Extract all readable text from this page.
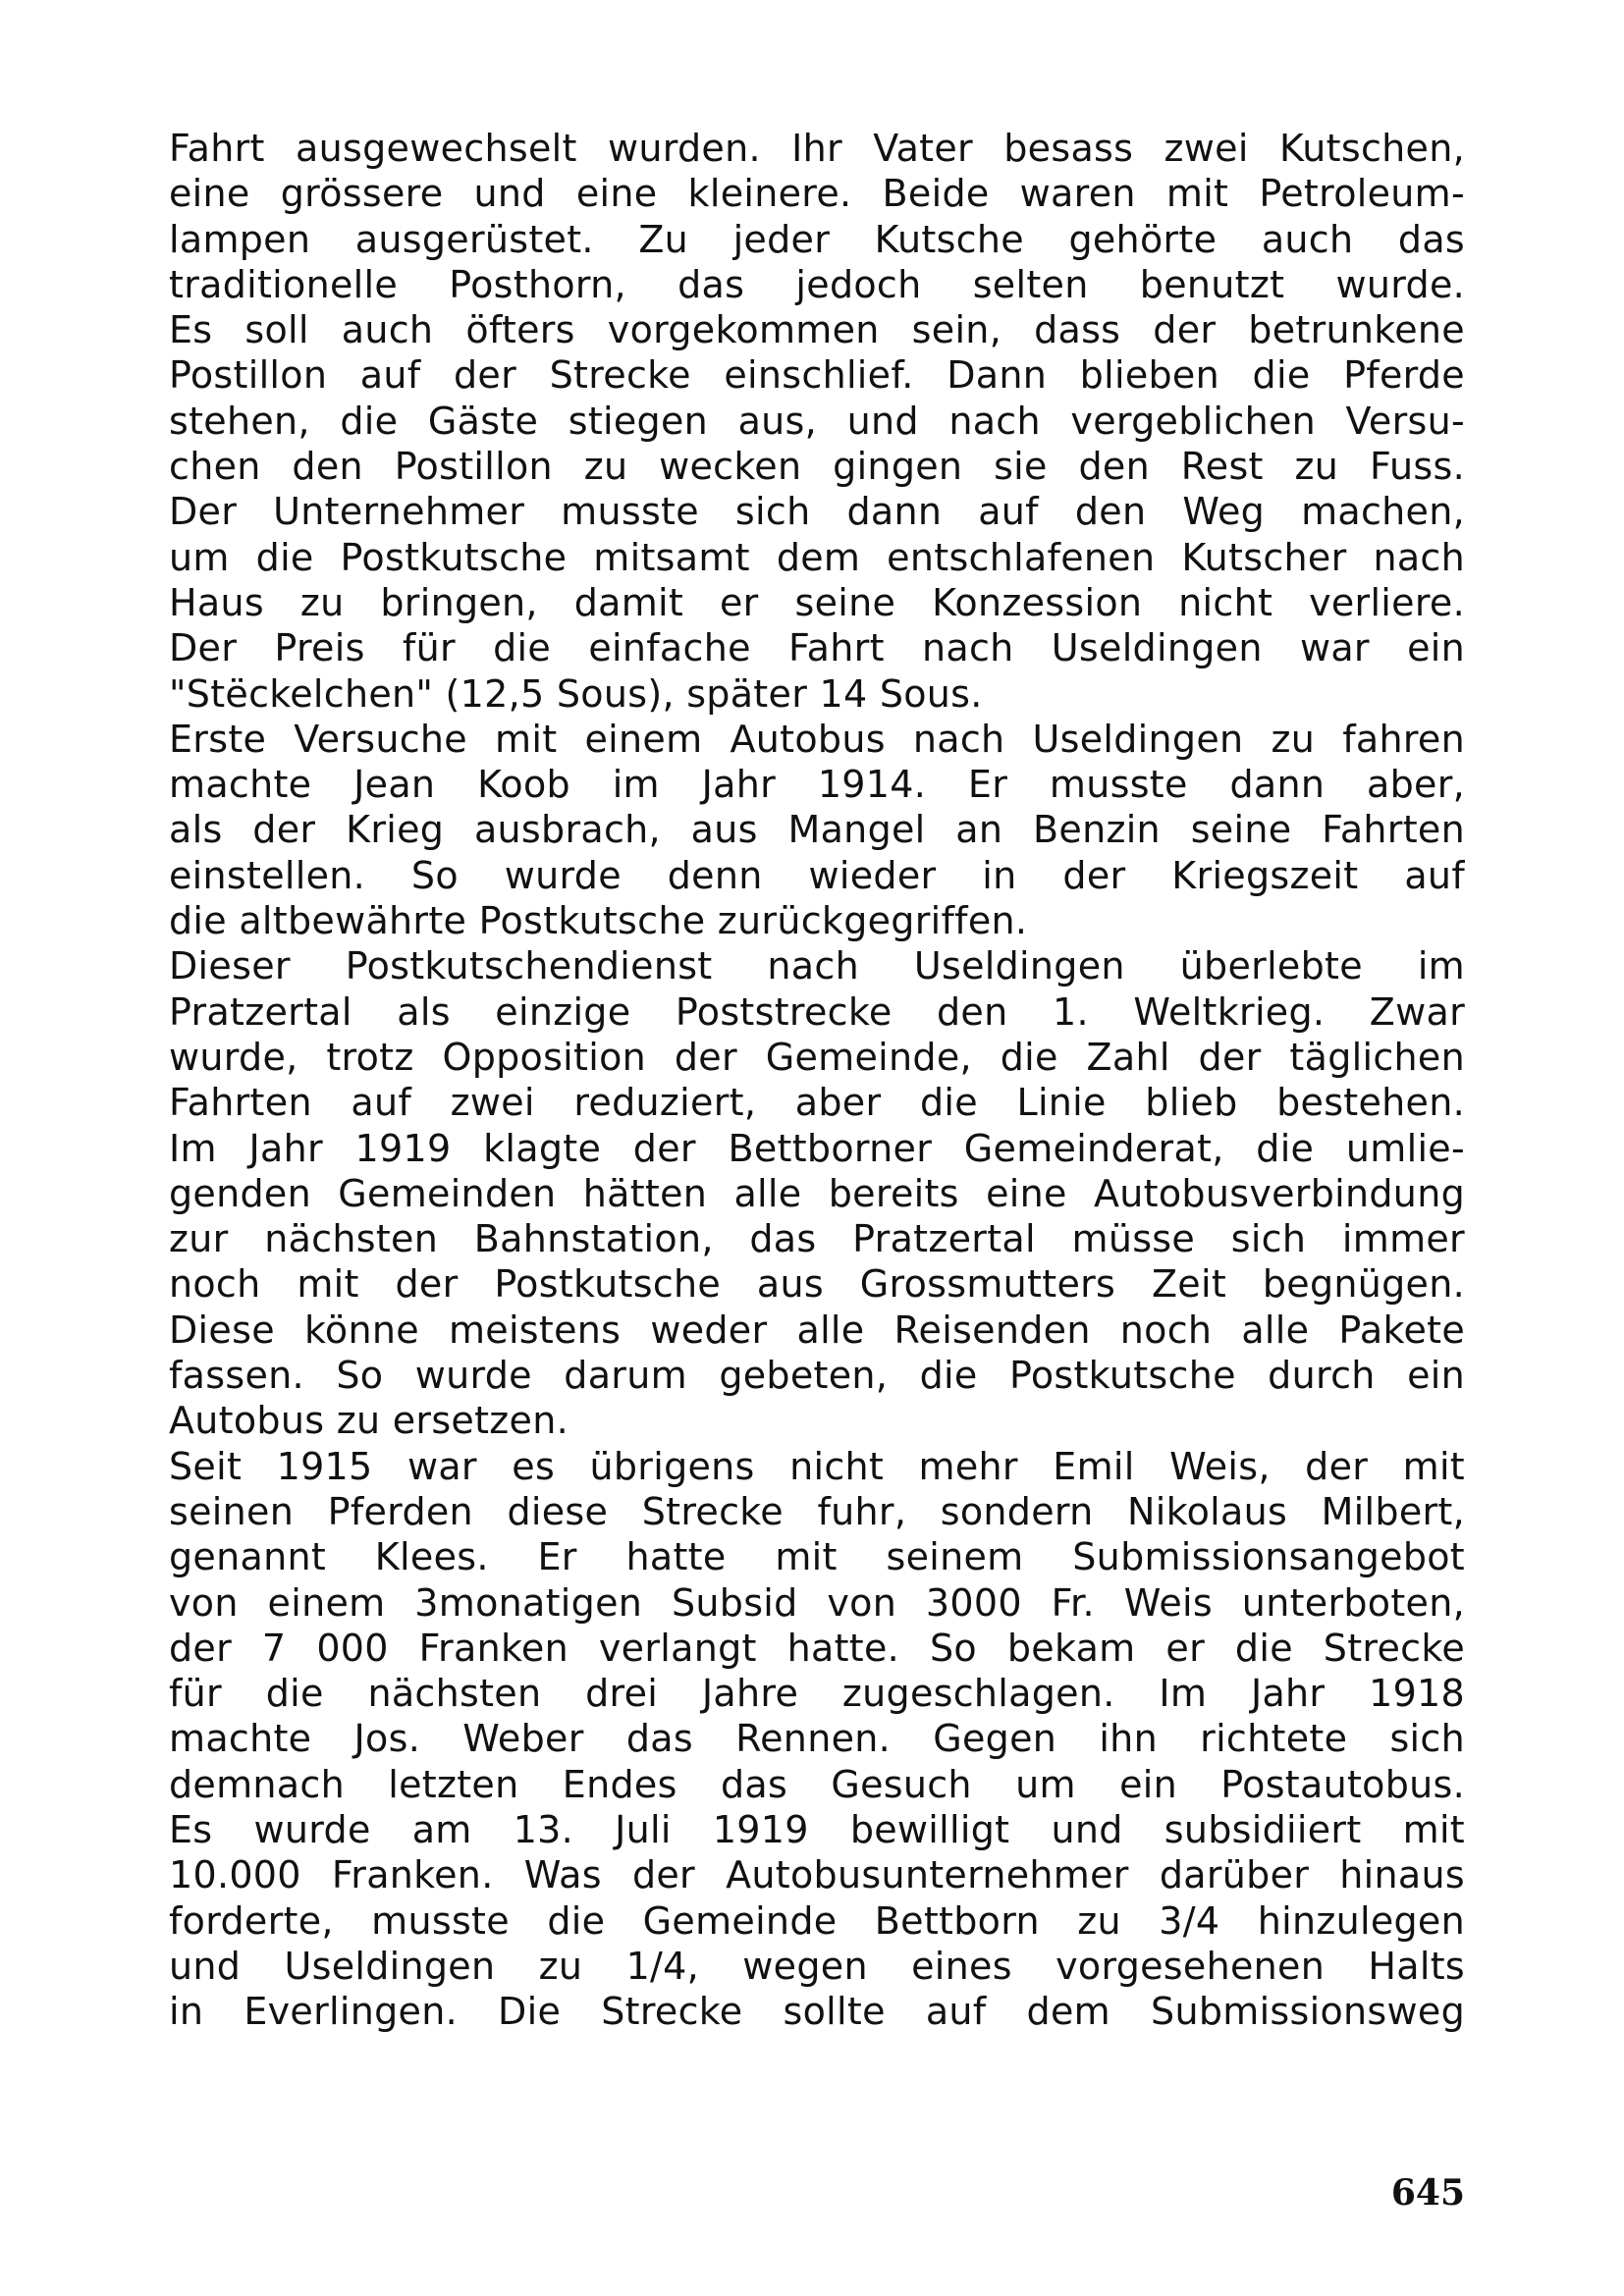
Fahrt ausgewechselt wurden. Ihr Vater besass zwei Kutschen,
eine grössere und eine kleinere. Beide waren mit Petroleum-
lampen ausgerüstet. Zu jeder Kutsche gehörte auch das
traditionelle Posthorn, das jedoch selten benutzt wurde.
Es soll auch öfters vorgekommen sein, dass der betrunkene
Postillon auf der Strecke einschlief. Dann blieben die Pferde
stehen, die Gäste stiegen aus, und nach vergeblichen Versu-
chen den Postillon zu wecken gingen sie den Rest zu Fuss.
Der Unternehmer musste sich dann auf den Weg machen,
um die Postkutsche mitsamt dem entschlafenen Kutscher nach
Haus zu bringen, damit er seine Konzession nicht verliere.
Der Preis für die einfache Fahrt nach Useldingen war ein
"Stëckelchen" (12,5 Sous), später 14 Sous.
Erste Versuche mit einem Autobus nach Useldingen zu fahren
machte Jean Koob im Jahr 1914. Er musste dann aber,
als der Krieg ausbrach, aus Mangel an Benzin seine Fahrten
einstellen. So wurde denn wieder in der Kriegszeit auf
die altbewährte Postkutsche zurückgegriffen.
Dieser Postkutschendienst nach Useldingen überlebte im
Pratzertal als einzige Poststrecke den 1. Weltkrieg. Zwar
wurde, trotz Opposition der Gemeinde, die Zahl der täglichen
Fahrten auf zwei reduziert, aber die Linie blieb bestehen.
Im Jahr 1919 klagte der Bettborner Gemeinderat, die umlie-
genden Gemeinden hätten alle bereits eine Autobusverbindung
zur nächsten Bahnstation, das Pratzertal müsse sich immer
noch mit der Postkutsche aus Grossmutters Zeit begnügen.
Diese könne meistens weder alle Reisenden noch alle Pakete
fassen. So wurde darum gebeten, die Postkutsche durch ein
Autobus zu ersetzen.
Seit 1915 war es übrigens nicht mehr Emil Weis, der mit
seinen Pferden diese Strecke fuhr, sondern Nikolaus Milbert,
genannt Klees. Er hatte mit seinem Submissionsangebot
von einem 3monatigen Subsid von 3000 Fr. Weis unterboten,
der 7 000 Franken verlangt hatte. So bekam er die Strecke
für die nächsten drei Jahre zugeschlagen. Im Jahr 1918
machte Jos. Weber das Rennen. Gegen ihn richtete sich
demnach letzten Endes das Gesuch um ein Postautobus.
Es wurde am 13. Juli 1919 bewilligt und subsidiiert mit
10.000 Franken. Was der Autobusunternehmer darüber hinaus
forderte, musste die Gemeinde Bettborn zu 3/4 hinzulegen
und Useldingen zu 1/4, wegen eines vorgesehenen Halts
in Everlingen. Die Strecke sollte auf dem Submissionsweg
645
